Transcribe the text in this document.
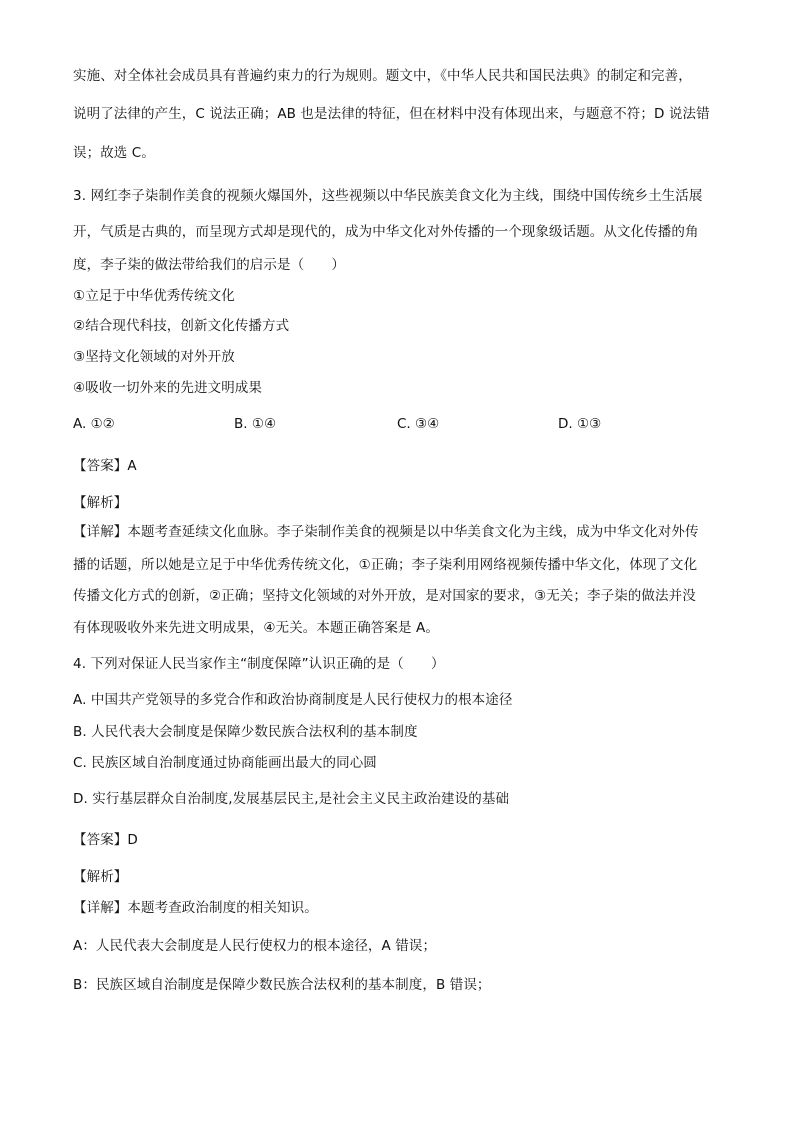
实施、对全体社会成员具有普遍约束力的行为规则。题文中，《中华人民共和国民法典》的制定和完善，
说明了法律的产生，C 说法正确；AB 也是法律的特征，但在材料中没有体现出来，与题意不符；D 说法错
误；故选 C。
3. 网红李子柒制作美食的视频火爆国外，这些视频以中华民族美食文化为主线，围绕中国传统乡土生活展
开，气质是古典的，而呈现方式却是现代的，成为中华文化对外传播的一个现象级话题。从文化传播的角
度，李子柒的做法带给我们的启示是（　　）
①立足于中华优秀传统文化
②结合现代科技，创新文化传播方式
③坚持文化领域的对外开放
④吸收一切外来的先进文明成果
A. ①②	B. ①④	C. ③④	D. ①③
【答案】A
【解析】
【详解】本题考查延续文化血脉。李子柒制作美食的视频是以中华美食文化为主线，成为中华文化对外传
播的话题，所以她是立足于中华优秀传统文化，①正确；李子柒利用网络视频传播中华文化，体现了文化
传播文化方式的创新，②正确；坚持文化领域的对外开放，是对国家的要求，③无关；李子柒的做法并没
有体现吸收外来先进文明成果，④无关。本题正确答案是 A。
4. 下列对保证人民当家作主“制度保障”认识正确的是（　　）
A. 中国共产党领导的多党合作和政治协商制度是人民行使权力的根本途径
B. 人民代表大会制度是保障少数民族合法权利的基本制度
C. 民族区域自治制度通过协商能画出最大的同心圆
D. 实行基层群众自治制度,发展基层民主,是社会主义民主政治建设的基础
【答案】D
【解析】
【详解】本题考查政治制度的相关知识。
A：人民代表大会制度是人民行使权力的根本途径，A 错误；
B：民族区域自治制度是保障少数民族合法权利的基本制度，B 错误；
